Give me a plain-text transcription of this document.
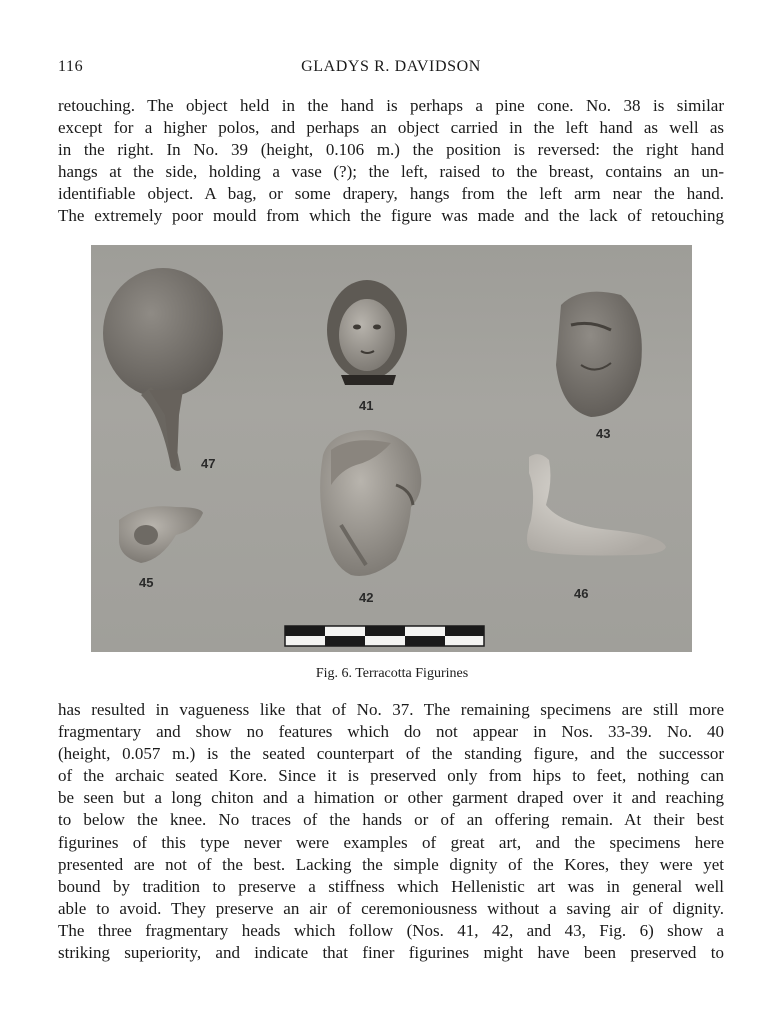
116	GLADYS R. DAVIDSON
retouching. The object held in the hand is perhaps a pine cone. No. 38 is similar
except for a higher polos, and perhaps an object carried in the left hand as well as
in the right. In No. 39 (height, 0.106 m.) the position is reversed: the right hand
hangs at the side, holding a vase (?); the left, raised to the breast, contains an un-
identifiable object. A bag, or some drapery, hangs from the left arm near the hand.
The extremely poor mould from which the figure was made and the lack of retouching
41
43
47
45
42	46
Fig. 6. Terracotta Figurines
has resulted in vagueness like that of No. 37. The remaining specimens are still more
fragmentary and show no features which do not appear in Nos. 33-39. No. 40
(height, 0.057 m.) is the seated counterpart of the standing figure, and the successor
of the archaic seated Kore. Since it is preserved only from hips to feet, nothing can
be seen but a long chiton and a himation or other garment draped over it and reaching
to below the knee. No traces of the hands or of an offering remain. At their best
figurines of this type never were examples of great art, and the specimens here
presented are not of the best. Lacking the simple dignity of the Kores, they were yet
bound by tradition to preserve a stiffness which Hellenistic art was in general well
able to avoid. They preserve an air of ceremoniousness without a saving air of dignity.
The three fragmentary heads which follow (Nos. 41, 42, and 43, Fig. 6) show a
striking superiority, and indicate that finer figurines might have been preserved to
